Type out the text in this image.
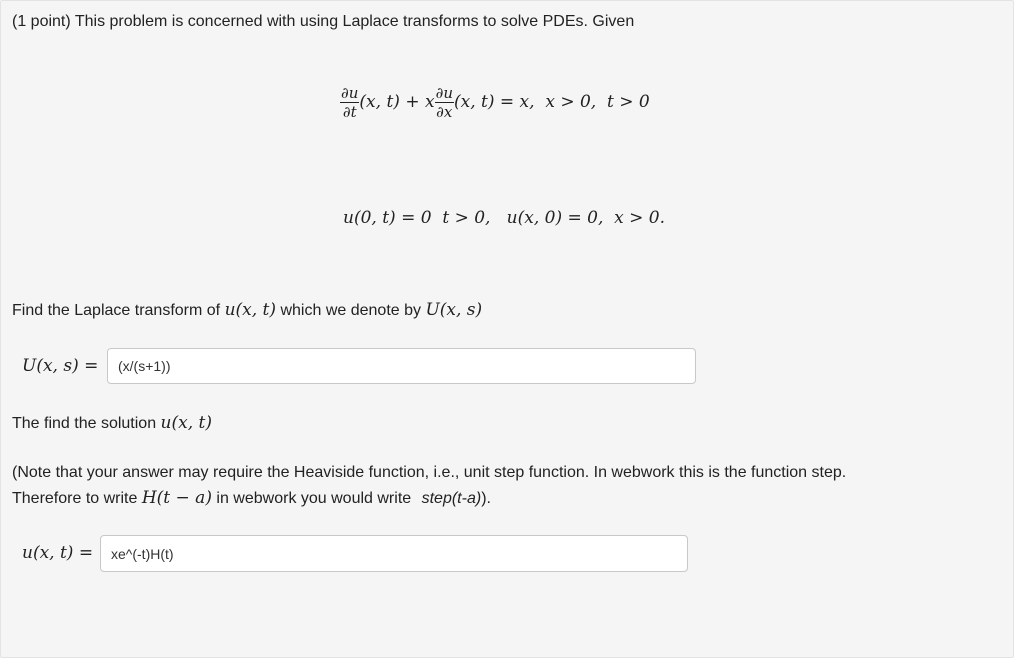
(1 point) This problem is concerned with using Laplace transforms to solve PDEs. Given
$\frac{\partial u}{\partial t} (x$, t) + x $\frac{\partial u}{\partial x} (x$, t) = x,  x > 0,  t > 0
u(0, t) = 0  t > 0,   u(x, 0) = 0,  x > 0.
Find the Laplace transform of u(x, t) which we denote by U(x, s)
U(x, s) = (x/(s+1))
The find the solution u(x, t)
(Note that your answer may require the Heaviside function, i.e., unit step function. In webwork this is the function step.
Therefore to write H(t − a) in webwork you would write step(t-a)).
u(x, t) = xe^(-t)H(t)
